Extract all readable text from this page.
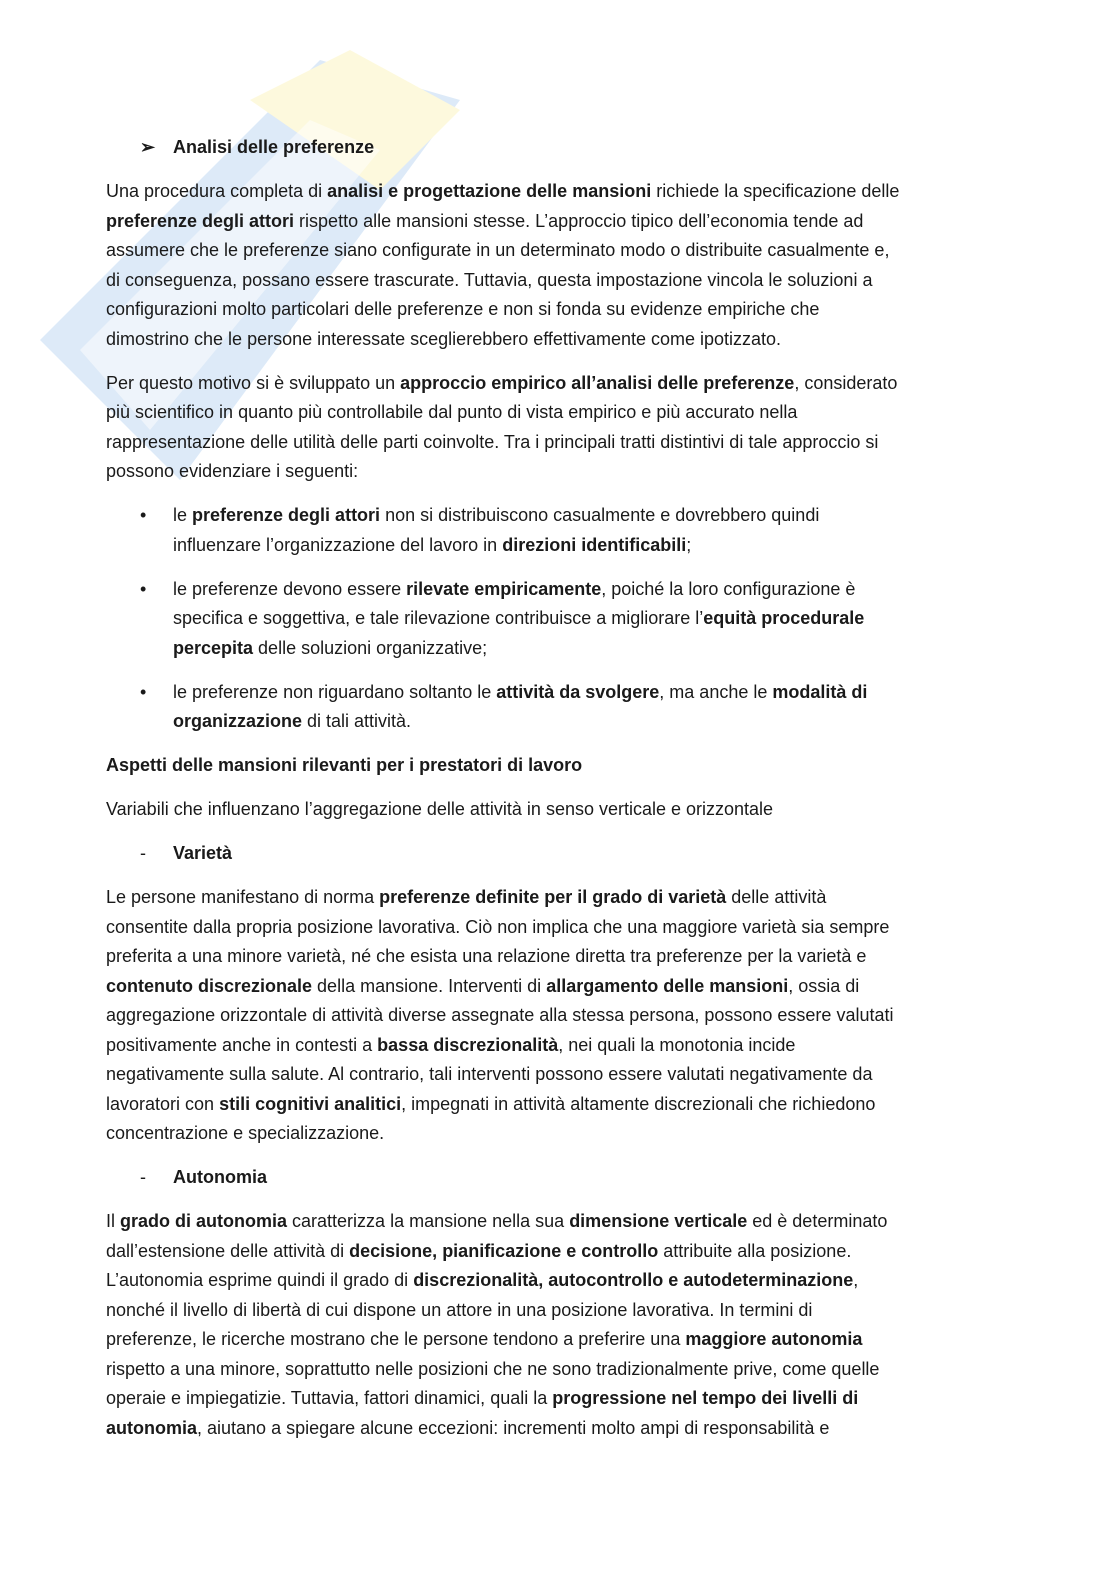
➢ Analisi delle preferenze

Una procedura completa di analisi e progettazione delle mansioni richiede la specificazione delle
preferenze degli attori rispetto alle mansioni stesse. L’approccio tipico dell’economia tende ad
assumere che le preferenze siano configurate in un determinato modo o distribuite casualmente e,
di conseguenza, possano essere trascurate. Tuttavia, questa impostazione vincola le soluzioni a
configurazioni molto particolari delle preferenze e non si fonda su evidenze empiriche che
dimostrino che le persone interessate sceglierebbero effettivamente come ipotizzato.

Per questo motivo si è sviluppato un approccio empirico all’analisi delle preferenze, considerato
più scientifico in quanto più controllabile dal punto di vista empirico e più accurato nella
rappresentazione delle utilità delle parti coinvolte. Tra i principali tratti distintivi di tale approccio si
possono evidenziare i seguenti:

• le preferenze degli attori non si distribuiscono casualmente e dovrebbero quindi
influenzare l’organizzazione del lavoro in direzioni identificabili;

• le preferenze devono essere rilevate empiricamente, poiché la loro configurazione è
specifica e soggettiva, e tale rilevazione contribuisce a migliorare l’equità procedurale
percepita delle soluzioni organizzative;

• le preferenze non riguardano soltanto le attività da svolgere, ma anche le modalità di
organizzazione di tali attività.

Aspetti delle mansioni rilevanti per i prestatori di lavoro

Variabili che influenzano l’aggregazione delle attività in senso verticale e orizzontale

- Varietà

Le persone manifestano di norma preferenze definite per il grado di varietà delle attività
consentite dalla propria posizione lavorativa. Ciò non implica che una maggiore varietà sia sempre
preferita a una minore varietà, né che esista una relazione diretta tra preferenze per la varietà e
contenuto discrezionale della mansione. Interventi di allargamento delle mansioni, ossia di
aggregazione orizzontale di attività diverse assegnate alla stessa persona, possono essere valutati
positivamente anche in contesti a bassa discrezionalità, nei quali la monotonia incide
negativamente sulla salute. Al contrario, tali interventi possono essere valutati negativamente da
lavoratori con stili cognitivi analitici, impegnati in attività altamente discrezionali che richiedono
concentrazione e specializzazione.

- Autonomia

Il grado di autonomia caratterizza la mansione nella sua dimensione verticale ed è determinato
dall’estensione delle attività di decisione, pianificazione e controllo attribuite alla posizione.
L’autonomia esprime quindi il grado di discrezionalità, autocontrollo e autodeterminazione,
nonché il livello di libertà di cui dispone un attore in una posizione lavorativa. In termini di
preferenze, le ricerche mostrano che le persone tendono a preferire una maggiore autonomia
rispetto a una minore, soprattutto nelle posizioni che ne sono tradizionalmente prive, come quelle
operaie e impiegatizie. Tuttavia, fattori dinamici, quali la progressione nel tempo dei livelli di
autonomia, aiutano a spiegare alcune eccezioni: incrementi molto ampi di responsabilità e
